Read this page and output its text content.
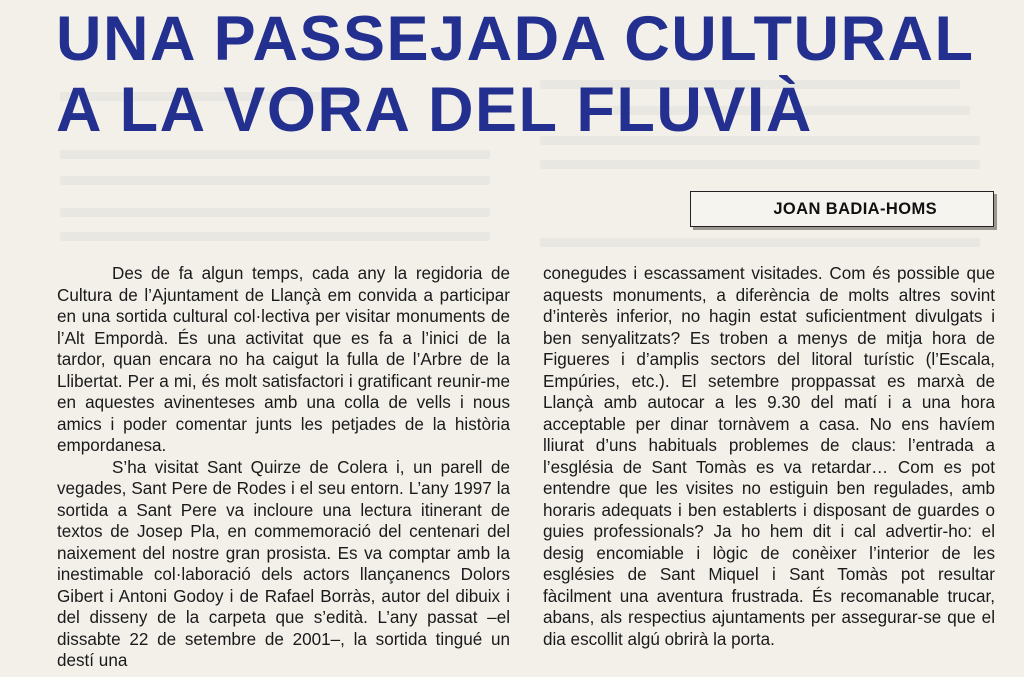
UNA PASSEJADA CULTURAL
A LA VORA DEL FLUVIÀ
JOAN BADIA-HOMS

Des de fa algun temps, cada any la regidoria de Cultura de l’Ajuntament de Llançà em convida a participar en una sortida cultural col·lectiva per visitar monuments de l’Alt Empordà. És una activitat que es fa a l’inici de la tardor, quan encara no ha caigut la fulla de l’Arbre de la Llibertat. Per a mi, és molt satisfactori i gratificant reunir-me en aquestes avinenteses amb una colla de vells i nous amics i poder comentar junts les petjades de la història empordanesa.

S’ha visitat Sant Quirze de Colera i, un parell de vegades, Sant Pere de Rodes i el seu entorn. L’any 1997 la sortida a Sant Pere va incloure una lectura itinerant de textos de Josep Pla, en commemoració del centenari del naixement del nostre gran prosista. Es va comptar amb la inestimable col·laboració dels actors llançanencs Dolors Gibert i Antoni Godoy i de Rafael Borràs, autor del dibuix i del disseny de la carpeta que s’edità. L’any passat –el dissabte 22 de setembre de 2001–, la sortida tingué un destí una

conegudes i escassament visitades. Com és possible que aquests monuments, a diferència de molts altres sovint d’interès inferior, no hagin estat suficientment divulgats i ben senyalitzats? Es troben a menys de mitja hora de Figueres i d’amplis sectors del litoral turístic (l’Escala, Empúries, etc.). El setembre proppassat es marxà de Llançà amb autocar a les 9.30 del matí i a una hora acceptable per dinar tornàvem a casa. No ens havíem lliurat d’uns habituals problemes de claus: l’entrada a l’església de Sant Tomàs es va retardar… Com es pot entendre que les visites no estiguin ben regulades, amb horaris adequats i ben establerts i disposant de guardes o guies professionals? Ja ho hem dit i cal advertir-ho: el desig encomiable i lògic de conèixer l’interior de les esglésies de Sant Miquel i Sant Tomàs pot resultar fàcilment una aventura frustrada. És recomanable trucar, abans, als respectius ajuntaments per assegurar-se que el dia escollit algú obrirà la porta.
